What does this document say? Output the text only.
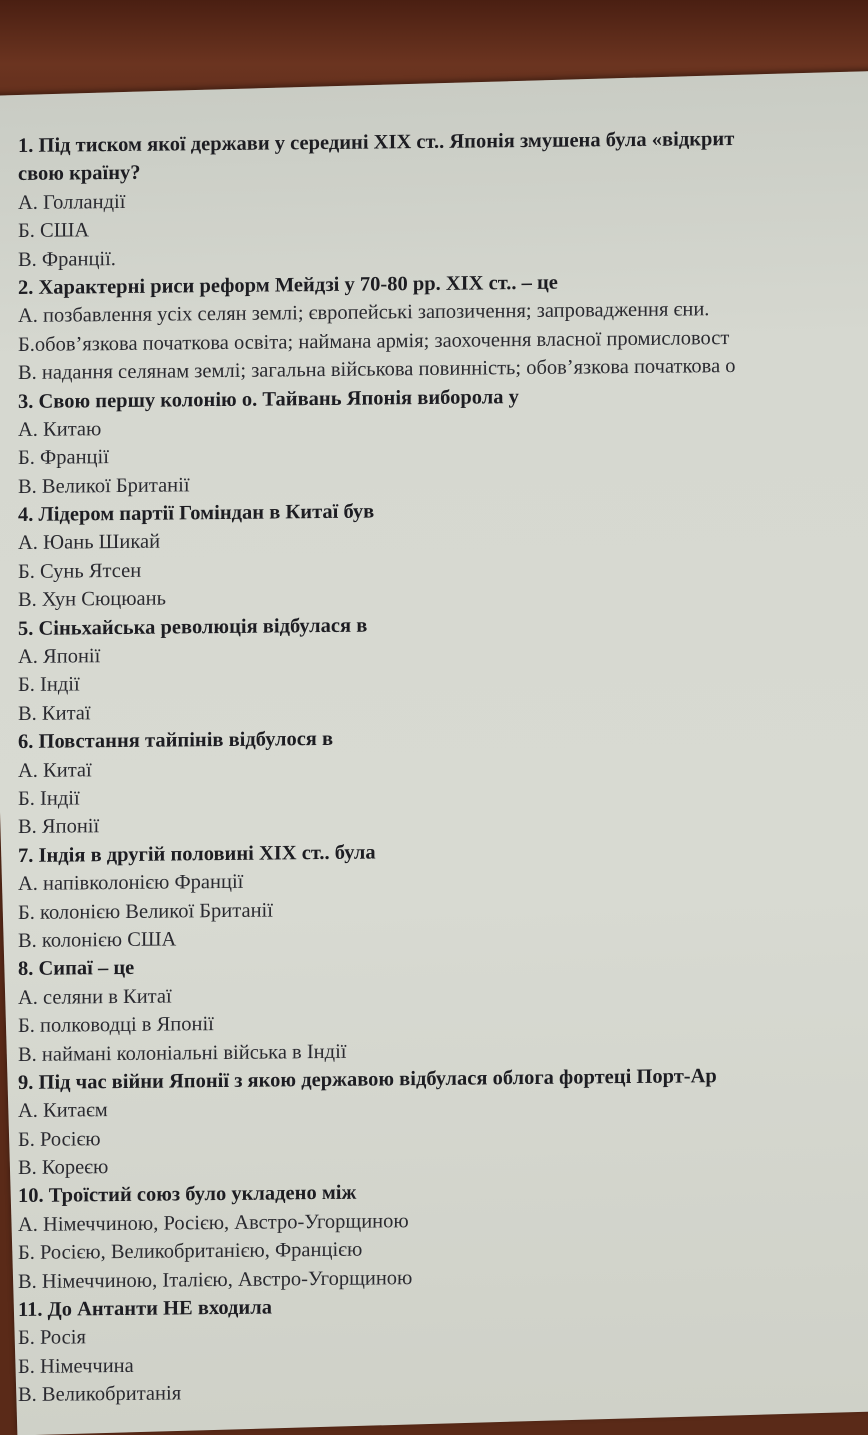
1. Під тиском якої держави у середині XIX ст.. Японія змушена була «відкрит
свою країну?
А. Голландії
Б. США
В. Франції.
2. Характерні риси реформ Мейдзі у 70-80 рр. XIX ст.. – це
А. позбавлення усіх селян землі; європейські запозичення; запровадження єни.
Б.обов’язкова початкова освіта; наймана армія; заохочення власної промисловост
В. надання селянам землі; загальна військова повинність; обов’язкова початкова о
3. Свою першу колонію о. Тайвань Японія виборола у
А. Китаю
Б. Франції
В. Великої Британії
4. Лідером партії Гоміндан в Китаї був
А. Юань Шикай
Б. Сунь Ятсен
В. Хун Сюцюань
5. Сіньхайська революція відбулася в
А. Японії
Б. Індії
В. Китаї
6. Повстання тайпінів відбулося в
А. Китаї
Б. Індії
В. Японії
7. Індія в другій половині XIX ст.. була
А. напівколонією Франції
Б. колонією Великої Британії
В. колонією США
8. Сипаї – це
А. селяни в Китаї
Б. полководці в Японії
В. наймані колоніальні війська в Індії
9. Під час війни Японії з якою державою відбулася облога фортеці Порт-Ар
А. Китаєм
Б. Росією
В. Кореєю
10. Троїстий союз було укладено між
А. Німеччиною, Росією, Австро-Угорщиною
Б. Росією, Великобританією, Францією
В. Німеччиною, Італією, Австро-Угорщиною
11. До Антанти НЕ входила
Б. Росія
Б. Німеччина
В. Великобританія
